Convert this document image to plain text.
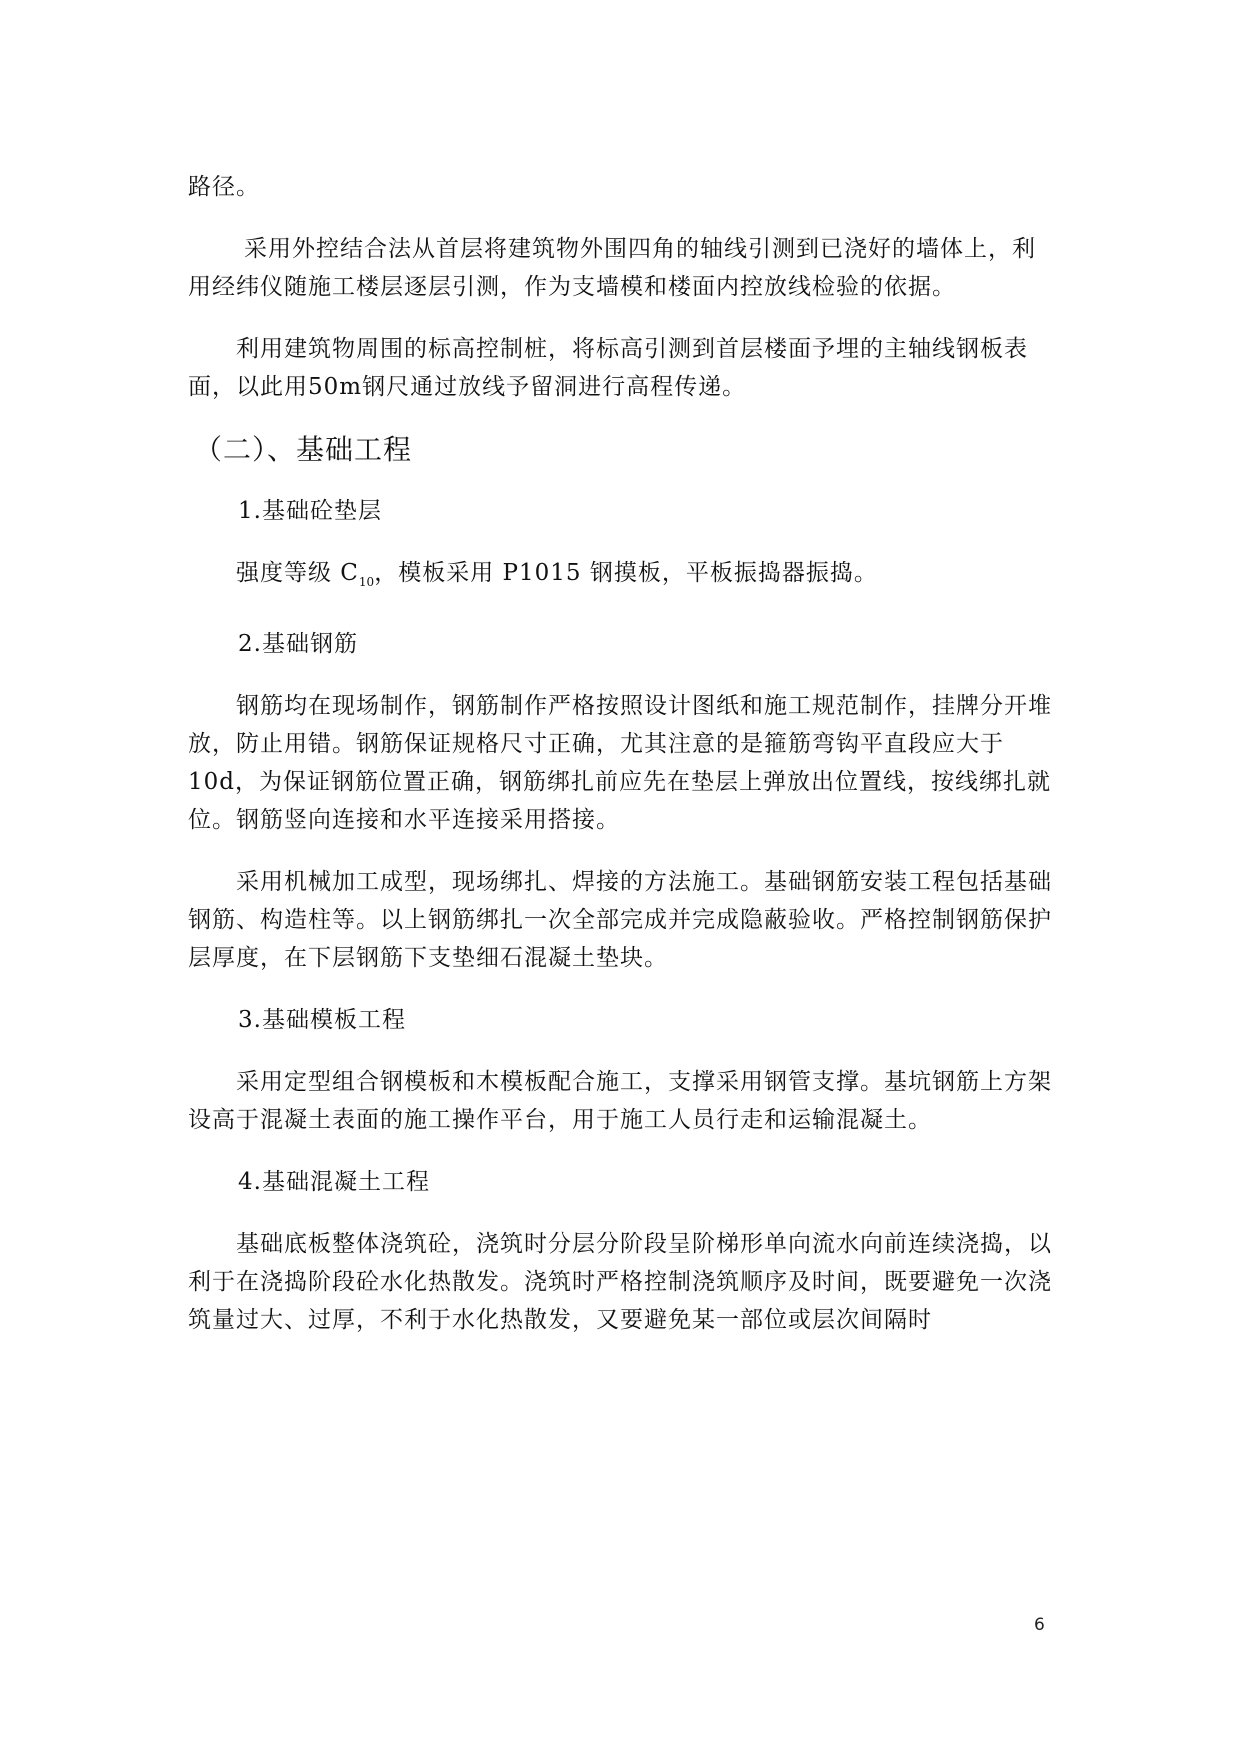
路径。

采用外控结合法从首层将建筑物外围四角的轴线引测到已浇好的墙体上，利用经纬仪随施工楼层逐层引测，作为支墙模和楼面内控放线检验的依据。

利用建筑物周围的标高控制桩，将标高引测到首层楼面予埋的主轴线钢板表面，以此用50m钢尺通过放线予留洞进行高程传递。

（二）、基础工程
1.基础砼垫层

强度等级 $C_{10}$，模板采用 P1015 钢摸板，平板振捣器振捣。

2.基础钢筋

钢筋均在现场制作，钢筋制作严格按照设计图纸和施工规范制作，挂牌分开堆放，防止用错。钢筋保证规格尺寸正确，尤其注意的是箍筋弯钩平直段应大于 10d，为保证钢筋位置正确，钢筋绑扎前应先在垫层上弹放出位置线，按线绑扎就位。钢筋竖向连接和水平连接采用搭接。

采用机械加工成型，现场绑扎、焊接的方法施工。基础钢筋安装工程包括基础钢筋、构造柱等。以上钢筋绑扎一次全部完成并完成隐蔽验收。严格控制钢筋保护层厚度，在下层钢筋下支垫细石混凝土垫块。

3.基础模板工程

采用定型组合钢模板和木模板配合施工，支撑采用钢管支撑。基坑钢筋上方架设高于混凝土表面的施工操作平台，用于施工人员行走和运输混凝土。

4.基础混凝土工程

基础底板整体浇筑砼，浇筑时分层分阶段呈阶梯形单向流水向前连续浇捣，以利于在浇捣阶段砼水化热散发。浇筑时严格控制浇筑顺序及时间，既要避免一次浇筑量过大、过厚，不利于水化热散发，又要避免某一部位或层次间隔时

6
